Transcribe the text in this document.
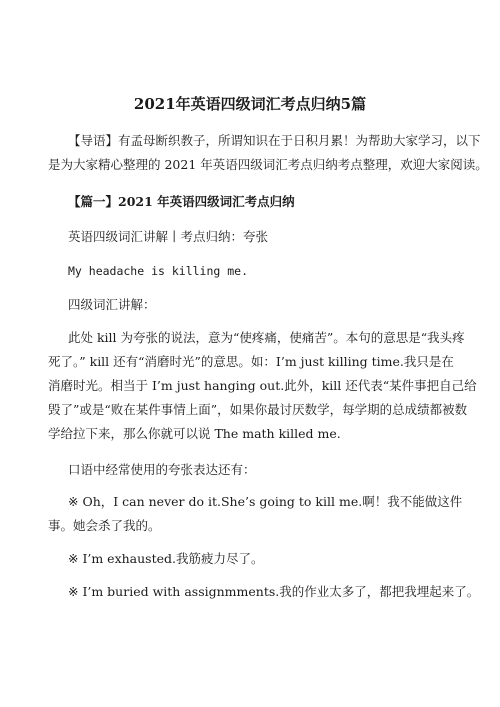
2021年英语四级词汇考点归纳5篇
【导语】有孟母断织教子，所谓知识在于日积月累！为帮助大家学习，以下
是为大家精心整理的 2021 年英语四级词汇考点归纳考点整理，欢迎大家阅读。
【篇一】2021 年英语四级词汇考点归纳
英语四级词汇讲解丨考点归纳：夸张
My headache is killing me.
四级词汇讲解：
此处 kill 为夸张的说法，意为“使疼痛，使痛苦”。本句的意思是“我头疼
死了。” kill 还有“消磨时光”的意思。如：I’m just killing time.我只是在
消磨时光。相当于 I’m just hanging out.此外，kill 还代表“某件事把自己给
毁了”或是“败在某件事情上面”，如果你最讨厌数学，每学期的总成绩都被数
学给拉下来，那么你就可以说 The math killed me.
口语中经常使用的夸张表达还有：
※ Oh，I can never do it.She’s going to kill me.啊！我不能做这件
事。她会杀了我的。
※ I’m exhausted.我筋疲力尽了。
※ I’m buried with assignmments.我的作业太多了，都把我埋起来了。
